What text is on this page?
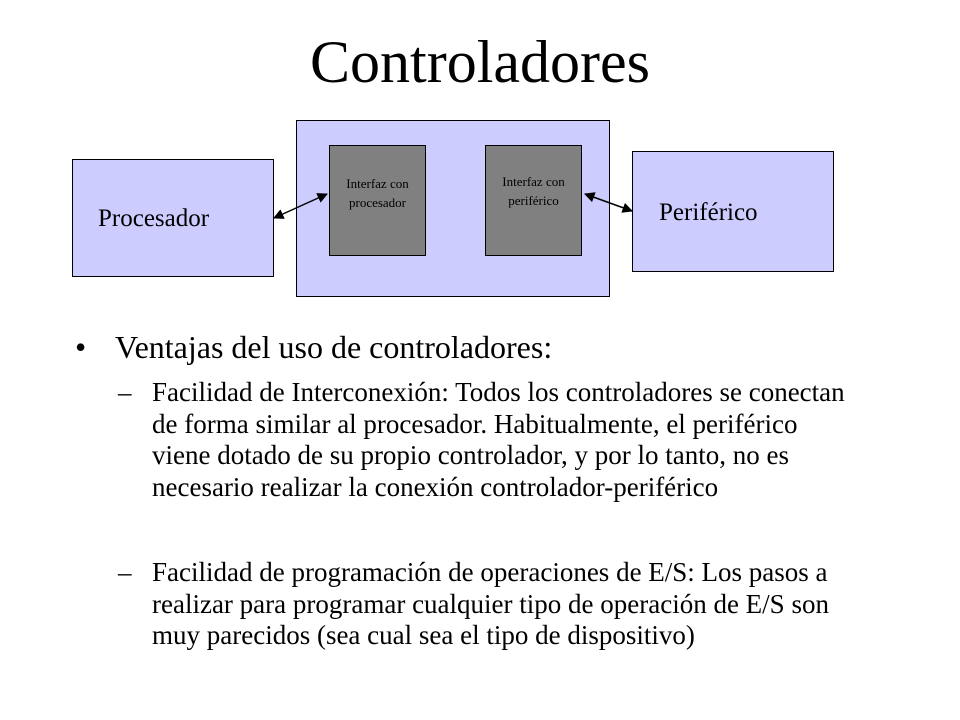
Controladores
Procesador
Interfaz con
procesador
Interfaz con
periférico	Periférico
• Ventajas del uso de controladores:
– Facilidad de Interconexión: Todos los controladores se conectan de forma similar al procesador. Habitualmente, el periférico viene dotado de su propio controlador, y por lo tanto, no es necesario realizar la conexión controlador-periférico
– Facilidad de programación de operaciones de E/S: Los pasos a realizar para programar cualquier tipo de operación de E/S son muy parecidos (sea cual sea el tipo de dispositivo)
